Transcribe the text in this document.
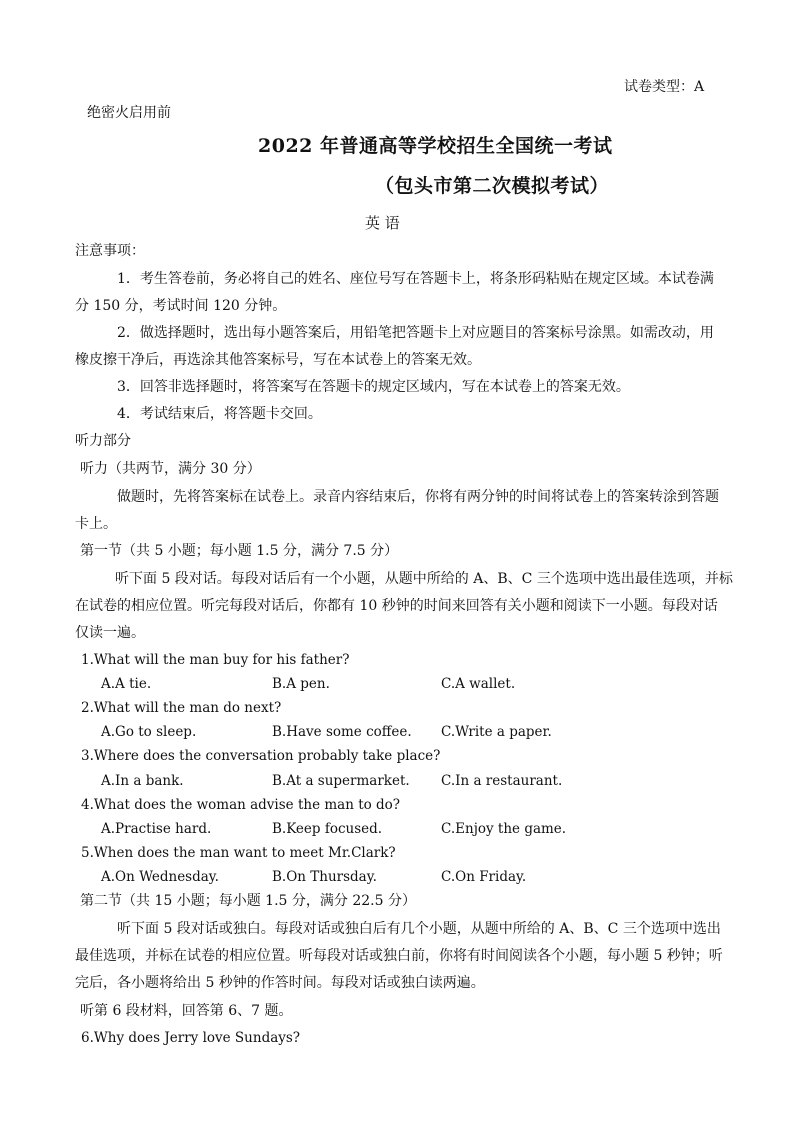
试卷类型：A
绝密火启用前
2022 年普通高等学校招生全国统一考试
（包头市第二次模拟考试）
英 语
注意事项：
1．考生答卷前，务必将自己的姓名、座位号写在答题卡上，将条形码粘贴在规定区域。本试卷满
分 150 分，考试时间 120 分钟。
2．做选择题时，选出每小题答案后，用铅笔把答题卡上对应题目的答案标号涂黑。如需改动，用
橡皮擦干净后，再选涂其他答案标号，写在本试卷上的答案无效。
3．回答非选择题时，将答案写在答题卡的规定区域内，写在本试卷上的答案无效。
4．考试结束后，将答题卡交回。
听力部分
听力（共两节，满分 30 分）
做题时，先将答案标在试卷上。录音内容结束后，你将有两分钟的时间将试卷上的答案转涂到答题
卡上。
第一节（共 5 小题；每小题 1.5 分，满分 7.5 分）
听下面 5 段对话。每段对话后有一个小题，从题中所给的 A、B、C 三个选项中选出最佳选项，并标
在试卷的相应位置。听完每段对话后，你都有 10 秒钟的时间来回答有关小题和阅读下一小题。每段对话
仅读一遍。
1.What will the man buy for his father?
A.A tie.	B.A pen.	C.A wallet.
2.What will the man do next?
A.Go to sleep.	B.Have some coffee. C.Write a paper.
3.Where does the conversation probably take place?
A.In a bank.	B.At a supermarket. C.In a restaurant.
4.What does the woman advise the man to do?
A.Practise hard.	B.Keep focused.	C.Enjoy the game.
5.When does the man want to meet Mr.Clark?
A.On Wednesday.	B.On Thursday.	C.On Friday.
第二节（共 15 小题；每小题 1.5 分，满分 22.5 分）
听下面 5 段对话或独白。每段对话或独白后有几个小题，从题中所给的 A、B、C 三个选项中选出
最佳选项，并标在试卷的相应位置。听每段对话或独白前，你将有时间阅读各个小题，每小题 5 秒钟；听
完后，各小题将给出 5 秒钟的作答时间。每段对话或独白读两遍。
听第 6 段材料，回答第 6、7 题。
6.Why does Jerry love Sundays?
